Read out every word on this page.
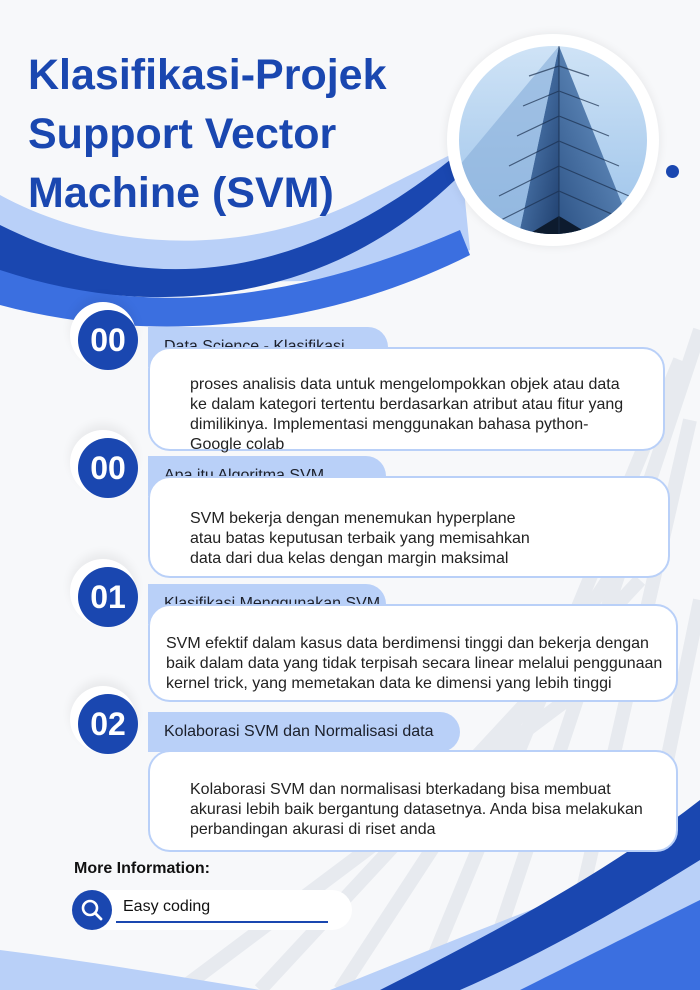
Klasifikasi-Projek
Support Vector
Machine (SVM)
00

proses analisis data untuk mengelompokkan objek atau data

ke dalam kategori tertentu berdasarkan atribut atau fitur yang

dimilikinya. Implementasi menggunakan bahasa python-

Google colab

00

SVM bekerja dengan menemukan hyperplane

atau batas keputusan terbaik yang memisahkan

data dari dua kelas dengan margin maksimal

01

SVM efektif dalam kasus data berdimensi tinggi dan bekerja dengan

baik dalam data yang tidak terpisah secara linear melalui penggunaan

kernel trick, yang memetakan data ke dimensi yang lebih tinggi

02	Kolaborasi SVM dan Normalisasi data

Kolaborasi SVM dan normalisasi bterkadang bisa membuat

akurasi lebih baik bergantung datasetnya. Anda bisa melakukan

perbandingan akurasi di riset anda

More Information:

Easy coding
